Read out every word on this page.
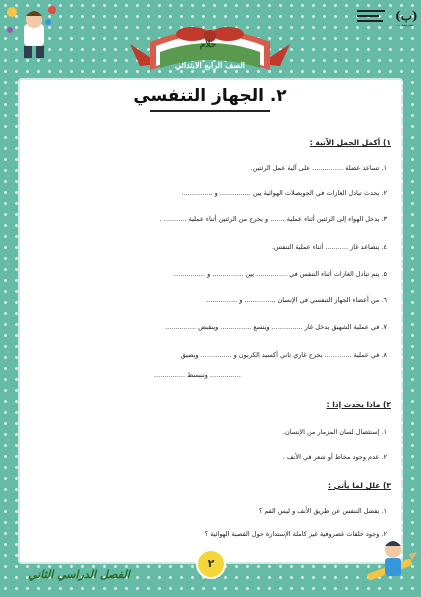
(ب)
مدرسة ...
حلام
الصف الرابع الابتدائي
٢. الجهاز التنفسي
١) أكمل الجمل الآتية :
١. تساعد عضلة ............... على آلية عمل الرئتين.
٢. يحدث تبادل الغازات في الحويصلات الهوائية بين ............... و ...............
٣. يدخل الهواء إلى الرئتين أثناء عملية ....... و يخرج من الرئتين أثناء عملية ........... .
٤. يتصاعد غاز ........... أثناء عملية التنفس.
٥. يتم تبادل الغازات أثناء التنفس في ............... بين ............... و ...............
٦. من أعضاء الجهاز التنفسي في الإنسان ............... و ...............
٧. في عملية الشهيق يدخل غاز ............... ويتسع ............... وينقبض ...............
٨. في عملية ............. يخرج غازي ثاني أكسيد الكربون و ............... ويضيق
............... وتنبسط ...............
٢) ماذا يحدث إذا :
١. إستئصال لسان المزمار من الإنسان.
٢. عدم وجود مخاط أو شعر في الأنف .
٣) علل لما يأتي :
١. يفضل التنفس عن طريق الأنف و ليس الفم ؟
٢. وجود حلقات غضروفية غير كاملة الإستدارة حول القصبة الهوائية ؟
٢
الفصل الدراسي الثاني
